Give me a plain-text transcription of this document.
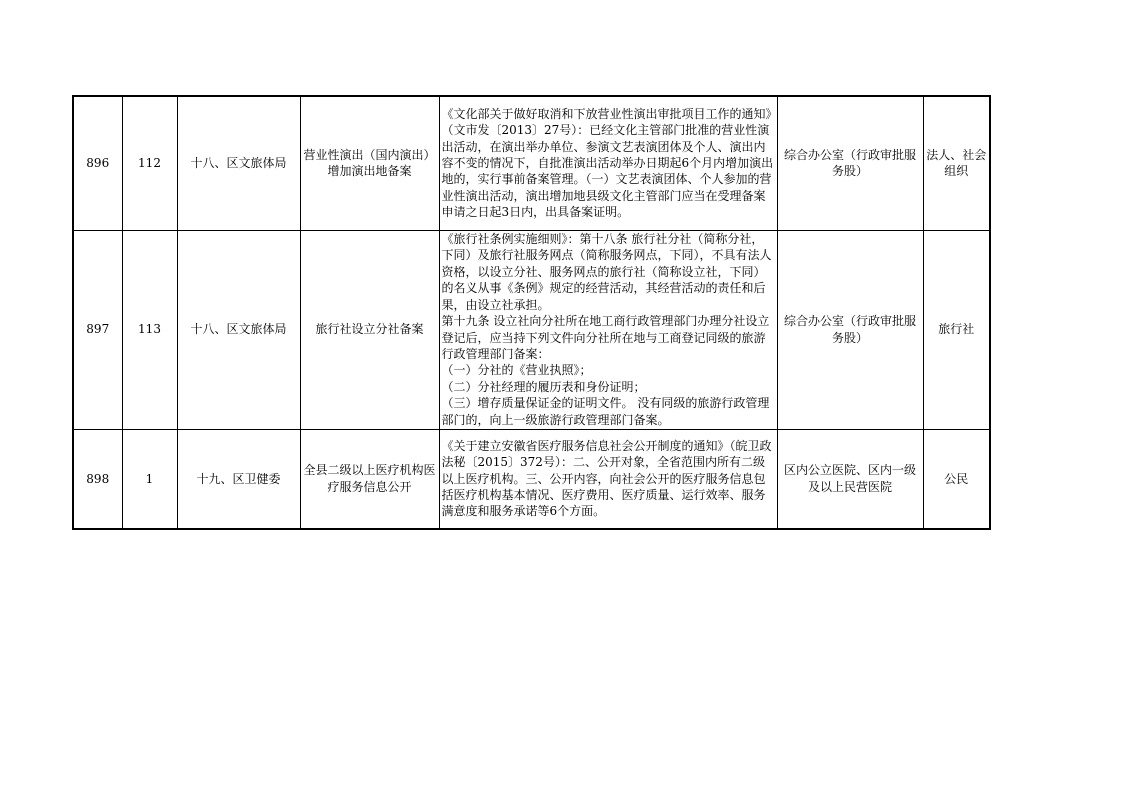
896	112	十八、区文旅体局	营业性演出（国内演出）增加演出地备案	《文化部关于做好取消和下放营业性演出审批项目工作的通知》（文市发〔2013〕27号）：已经文化主管部门批准的营业性演出活动，在演出举办单位、参演文艺表演团体及个人、演出内容不变的情况下，自批准演出活动举办日期起6个月内增加演出地的，实行事前备案管理。（一）文艺表演团体、个人参加的营业性演出活动，演出增加地县级文化主管部门应当在受理备案申请之日起3日内，出具备案证明。	综合办公室（行政审批服务股）	法人、社会组织
897	113	十八、区文旅体局	旅行社设立分社备案	《旅行社条例实施细则》：第十八条 旅行社分社（简称分社，下同）及旅行社服务网点（简称服务网点，下同），不具有法人资格，以设立分社、服务网点的旅行社（简称设立社，下同）的名义从事《条例》规定的经营活动，其经营活动的责任和后果，由设立社承担。
第十九条 设立社向分社所在地工商行政管理部门办理分社设立登记后，应当持下列文件向分社所在地与工商登记同级的旅游行政管理部门备案：
（一）分社的《营业执照》；
（二）分社经理的履历表和身份证明；
（三）增存质量保证金的证明文件。 没有同级的旅游行政管理部门的，向上一级旅游行政管理部门备案。	综合办公室（行政审批服务股）	旅行社
898	1	十九、区卫健委	全县二级以上医疗机构医疗服务信息公开	《关于建立安徽省医疗服务信息社会公开制度的通知》（皖卫政法秘〔2015〕372号）：二、公开对象，全省范围内所有二级以上医疗机构。三、公开内容，向社会公开的医疗服务信息包括医疗机构基本情况、医疗费用、医疗质量、运行效率、服务满意度和服务承诺等6个方面。	区内公立医院、区内一级及以上民营医院	公民
